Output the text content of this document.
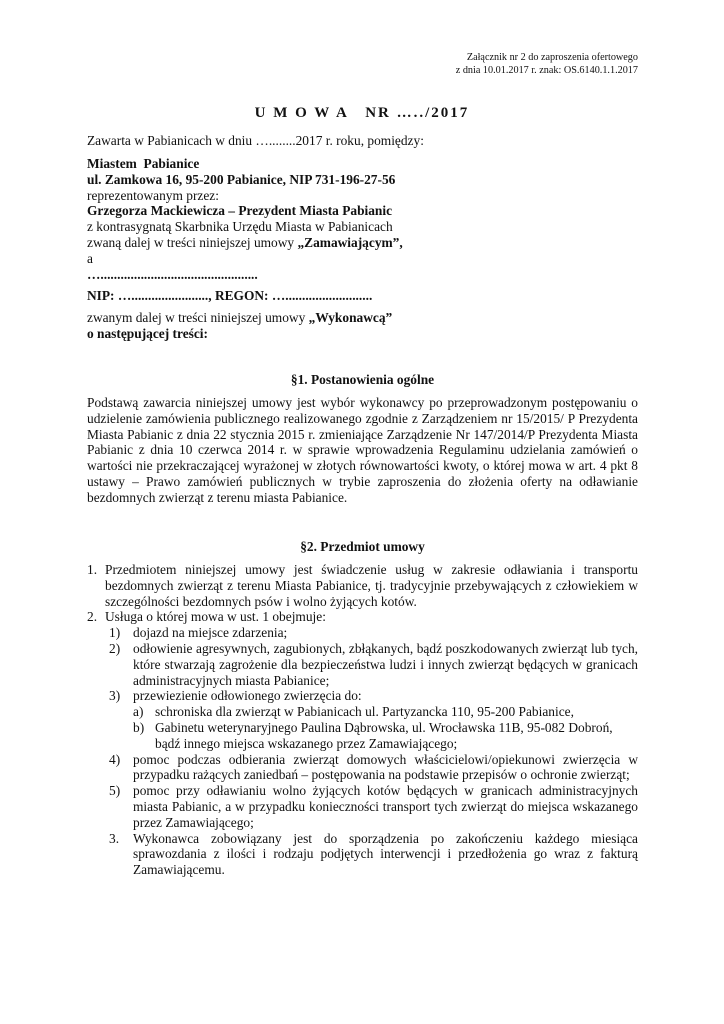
Załącznik nr 2 do zaproszenia ofertowego
z dnia 10.01.2017 r. znak: OS.6140.1.1.2017
U M O W A   NR …../2017
Zawarta w Pabianicach w dniu …........2017 r. roku, pomiędzy:
Miastem  Pabianice
ul. Zamkowa 16, 95-200 Pabianice, NIP 731-196-27-56
reprezentowanym przez:
Grzegorza Mackiewicza – Prezydent Miasta Pabianic
z kontrasygnatą Skarbnika Urzędu Miasta w Pabianicach
zwaną dalej w treści niniejszej umowy „Zamawiającym”,
a
…...............................................
NIP: …......................., REGON: …..........................
zwanym dalej w treści niniejszej umowy „Wykonawcą”
o następującej treści:
§1. Postanowienia ogólne
Podstawą zawarcia niniejszej umowy jest wybór wykonawcy po przeprowadzonym postępowaniu o udzielenie zamówienia publicznego realizowanego zgodnie z Zarządzeniem nr 15/2015/ P Prezydenta Miasta Pabianic z dnia 22 stycznia 2015 r. zmieniające Zarządzenie Nr 147/2014/P Prezydenta Miasta Pabianic z dnia 10 czerwca 2014 r. w sprawie wprowadzenia Regulaminu udzielania zamówień o wartości nie przekraczającej wyrażonej w złotych równowartości kwoty, o której mowa w art. 4 pkt 8 ustawy – Prawo zamówień publicznych w trybie zaproszenia do złożenia oferty na odławianie bezdomnych zwierząt z terenu miasta Pabianice.
§2. Przedmiot umowy
1. Przedmiotem niniejszej umowy jest świadczenie usług w zakresie odławiania i transportu bezdomnych zwierząt z terenu Miasta Pabianice, tj. tradycyjnie przebywających z człowiekiem w szczególności bezdomnych psów i wolno żyjących kotów.
2. Usługa o której mowa w ust. 1 obejmuje:
1) dojazd na miejsce zdarzenia;
2) odłowienie agresywnych, zagubionych, zbłąkanych, bądź poszkodowanych zwierząt lub tych, które stwarzają zagrożenie dla bezpieczeństwa ludzi i innych zwierząt będących w granicach administracyjnych miasta Pabianice;
3) przewiezienie odłowionego zwierzęcia do:
a) schroniska dla zwierząt w Pabianicach ul. Partyzancka 110, 95-200 Pabianice,
b) Gabinetu weterynaryjnego Paulina Dąbrowska, ul. Wrocławska 11B, 95-082 Dobroń, bądź innego miejsca wskazanego przez Zamawiającego;
4) pomoc podczas odbierania zwierząt domowych właścicielowi/opiekunowi zwierzęcia w przypadku rażących zaniedbań – postępowania na podstawie przepisów o ochronie zwierząt;
5) pomoc przy odławianiu wolno żyjących kotów będących w granicach administracyjnych miasta Pabianic, a w przypadku konieczności transport tych zwierząt do miejsca wskazanego przez Zamawiającego;
3.	Wykonawca zobowiązany jest do sporządzenia po zakończeniu każdego miesiąca sprawozdania z ilości i rodzaju podjętych interwencji i przedłożenia go wraz z fakturą Zamawiającemu.
